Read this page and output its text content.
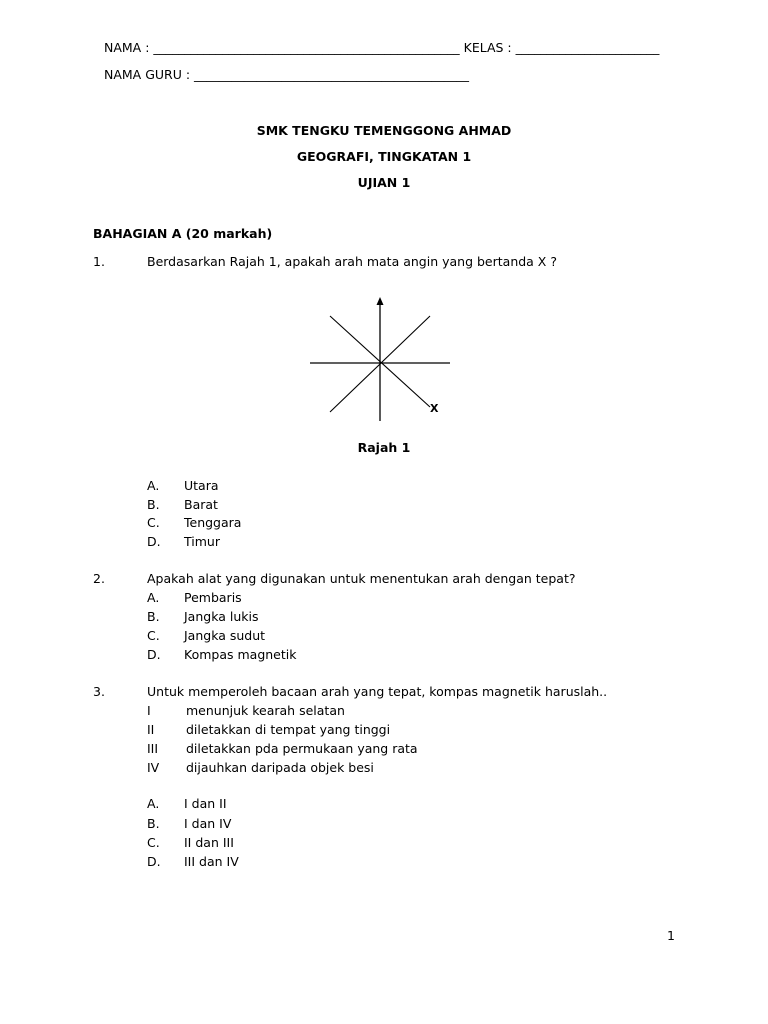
NAMA : _________________________________________________ KELAS : _______________________
NAMA GURU : ____________________________________________
SMK TENGKU TEMENGGONG AHMAD
GEOGRAFI, TINGKATAN 1
UJIAN 1
BAHAGIAN A (20 markah)
1.	Berdasarkan Rajah 1, apakah arah mata angin yang bertanda X ?
X
Rajah 1
A. Utara
B. Barat
C. Tenggara
D. Timur
2.	Apakah alat yang digunakan untuk menentukan arah dengan tepat?
A. Pembaris
B. Jangka lukis
C. Jangka sudut
D. Kompas magnetik
3.	Untuk memperoleh bacaan arah yang tepat, kompas magnetik haruslah..
I	menunjuk kearah selatan
II	diletakkan di tempat yang tinggi
III diletakkan pda permukaan yang rata
IV dijauhkan daripada objek besi
A. I dan II
B. I dan IV
C. II dan III
D. III dan IV
1
